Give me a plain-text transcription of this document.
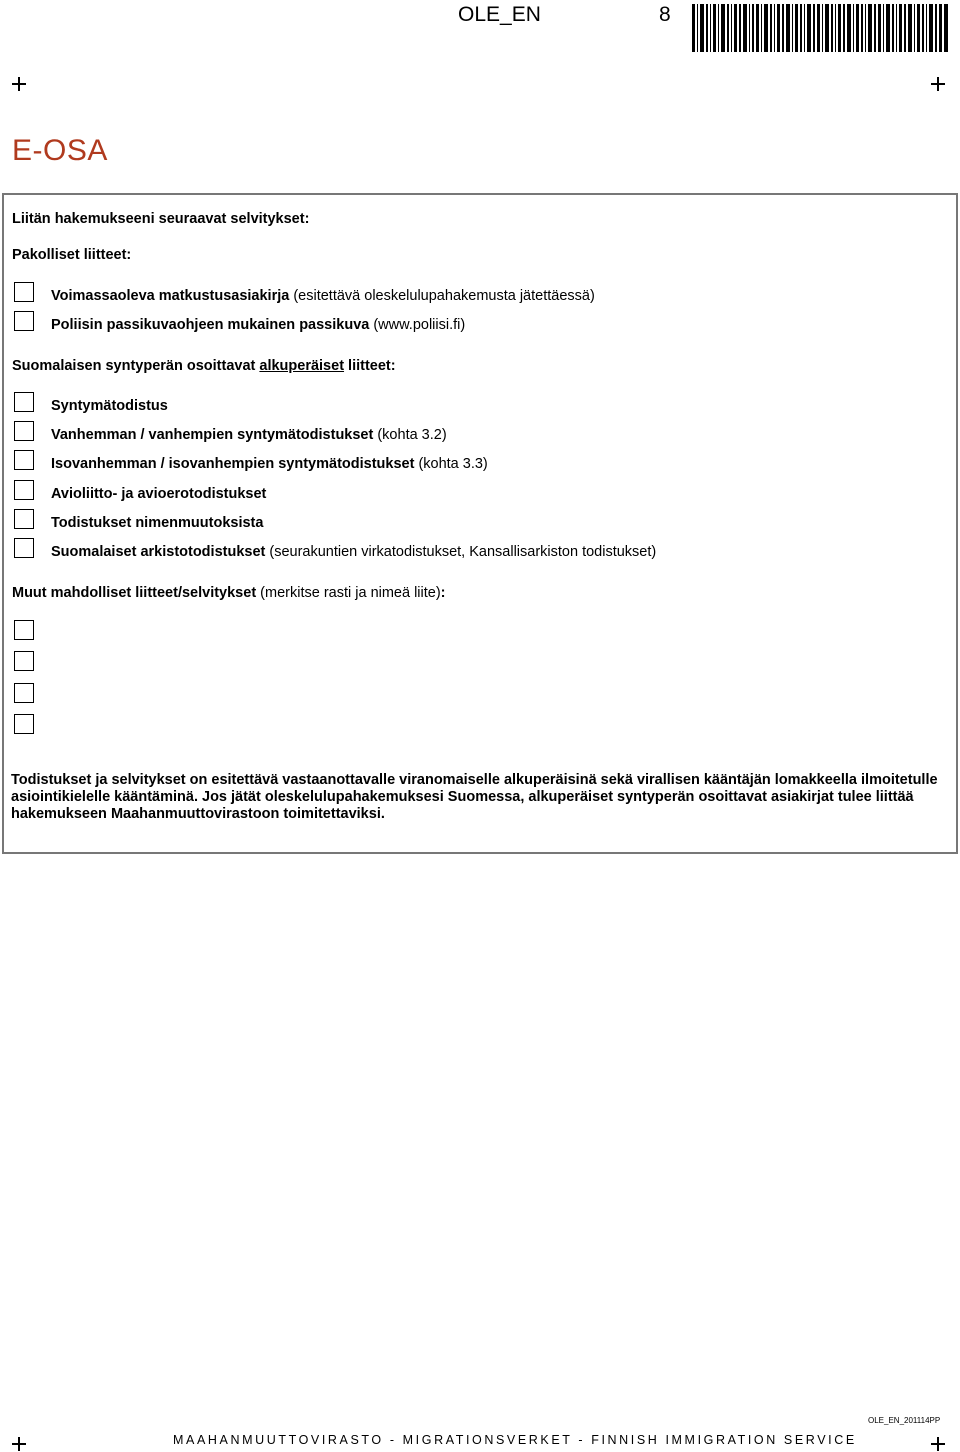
OLE_EN	8
E-OSA
Liitän hakemukseeni seuraavat selvitykset:
Pakolliset liitteet:
Voimassaoleva matkustusasiakirja (esitettävä oleskelulupahakemusta jätettäessä)
Poliisin passikuvaohjeen mukainen passikuva (www.poliisi.fi)
Suomalaisen syntyperän osoittavat alkuperäiset liitteet:
Syntymätodistus
Vanhemman / vanhempien syntymätodistukset (kohta 3.2)
Isovanhemman / isovanhempien syntymätodistukset (kohta 3.3)
Avioliitto- ja avioerotodistukset
Todistukset nimenmuutoksista
Suomalaiset arkistotodistukset (seurakuntien virkatodistukset, Kansallisarkiston todistukset)
Muut mahdolliset liitteet/selvitykset (merkitse rasti ja nimeä liite):
Todistukset ja selvitykset on esitettävä vastaanottavalle viranomaiselle alkuperäisinä sekä virallisen kääntäjän lomakkeella ilmoitetulle asiointikielelle kääntäminä. Jos jätät oleskelulupahakemuksesi Suomessa, alkuperäiset syntyperän osoittavat asiakirjat tulee liittää hakemukseen Maahanmuuttovirastoon toimitettaviksi.
OLE_EN_201114PP
MAAHANMUUTTOVIRASTO - MIGRATIONSVERKET - FINNISH IMMIGRATION SERVICE
